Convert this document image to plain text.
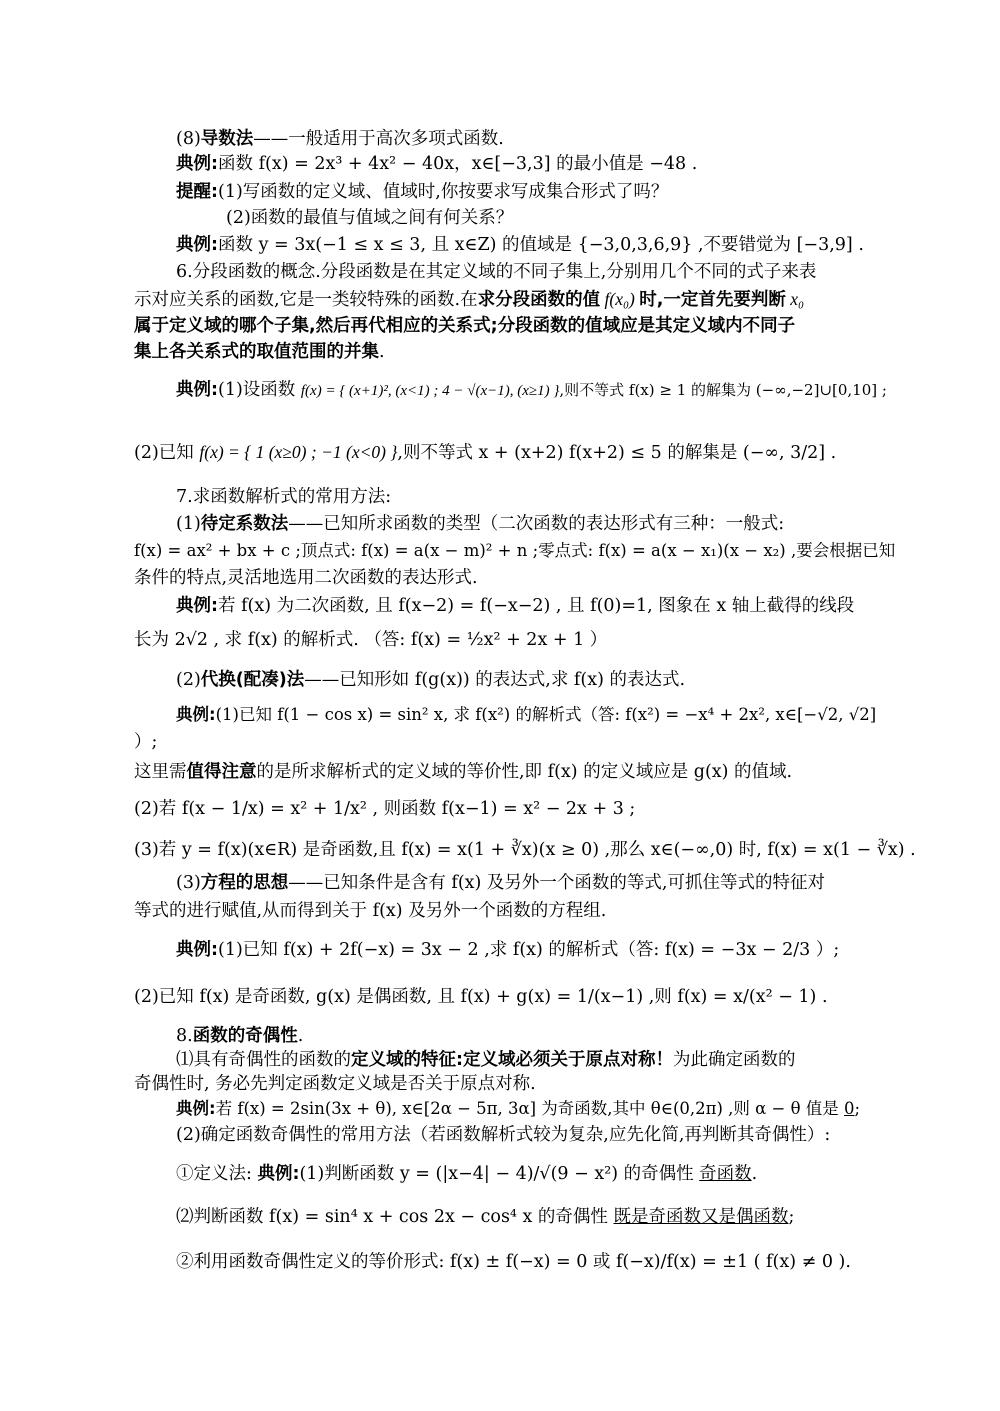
(8)导数法——一般适用于高次多项式函数.
典例:函数 f(x) = 2x³ + 4x² − 40x，x∈[−3,3] 的最小值是 −48 .
提醒:(1)写函数的定义域、值域时,你按要求写成集合形式了吗？
(2)函数的最值与值域之间有何关系？
典例:函数 y = 3x(−1 ≤ x ≤ 3, 且 x∈Z) 的值域是 {−3,0,3,6,9} ,不要错觉为 [−3,9] .
6.分段函数的概念.分段函数是在其定义域的不同子集上,分别用几个不同的式子来表
示对应关系的函数,它是一类较特殊的函数.在求分段函数的值 f(x₀) 时,一定首先要判断 x₀
属于定义域的哪个子集,然后再代相应的关系式;分段函数的值域应是其定义域内不同子
集上各关系式的取值范围的并集.
典例:(1)设函数 f(x) = { (x+1)², (x<1) ; 4 − √(x−1), (x≥1) },则不等式 f(x) ≥ 1 的解集为 (−∞,−2]∪[0,10] ;
(2)已知 f(x) = { 1 (x≥0) ; −1 (x<0) },则不等式 x + (x+2) f(x+2) ≤ 5 的解集是 (−∞, 3/2] .
7.求函数解析式的常用方法:
(1)待定系数法——已知所求函数的类型（二次函数的表达形式有三种：一般式:
f(x) = ax² + bx + c ;顶点式: f(x) = a(x − m)² + n ;零点式: f(x) = a(x − x₁)(x − x₂) ,要会根据已知
条件的特点,灵活地选用二次函数的表达形式.
典例:若 f(x) 为二次函数, 且 f(x−2) = f(−x−2) , 且 f(0)=1, 图象在 x 轴上截得的线段
长为 2√2 , 求 f(x) 的解析式. （答: f(x) = ½x² + 2x + 1 ）
(2)代换(配凑)法——已知形如 f(g(x)) 的表达式,求 f(x) 的表达式.
典例:(1)已知 f(1 − cos x) = sin² x, 求 f(x²) 的解析式（答: f(x²) = −x⁴ + 2x², x∈[−√2, √2]
）;
这里需值得注意的是所求解析式的定义域的等价性,即 f(x) 的定义域应是 g(x) 的值域.
(2)若 f(x − 1/x) = x² + 1/x² , 则函数 f(x−1) = x² − 2x + 3 ;
(3)若 y = f(x)(x∈R) 是奇函数,且 f(x) = x(1 + ∛x)(x ≥ 0) ,那么 x∈(−∞,0) 时, f(x) = x(1 − ∛x) .
(3)方程的思想——已知条件是含有 f(x) 及另外一个函数的等式,可抓住等式的特征对
等式的进行赋值,从而得到关于 f(x) 及另外一个函数的方程组.
典例:(1)已知 f(x) + 2f(−x) = 3x − 2 ,求 f(x) 的解析式（答: f(x) = −3x − 2/3 ）;
(2)已知 f(x) 是奇函数, g(x) 是偶函数, 且 f(x) + g(x) = 1/(x−1) ,则 f(x) = x/(x² − 1) .
8.函数的奇偶性.
⑴具有奇偶性的函数的定义域的特征:定义域必须关于原点对称！为此确定函数的
奇偶性时, 务必先判定函数定义域是否关于原点对称.
典例:若 f(x) = 2sin(3x + θ), x∈[2α − 5π, 3α] 为奇函数,其中 θ∈(0,2π) ,则 α − θ 值是 0;
(2)确定函数奇偶性的常用方法（若函数解析式较为复杂,应先化简,再判断其奇偶性）:
①定义法: 典例:(1)判断函数 y = (|x−4| − 4)/√(9 − x²) 的奇偶性 奇函数.
⑵判断函数 f(x) = sin⁴ x + cos 2x − cos⁴ x 的奇偶性 既是奇函数又是偶函数;
②利用函数奇偶性定义的等价形式: f(x) ± f(−x) = 0 或 f(−x)/f(x) = ±1 ( f(x) ≠ 0 ).
